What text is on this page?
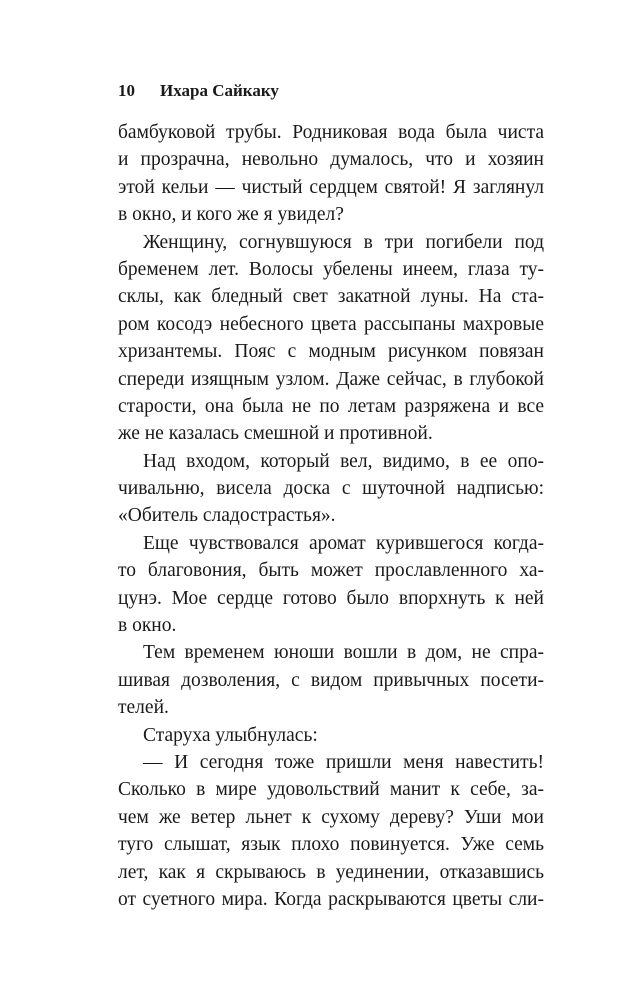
10 Ихара Сайкаку
бамбуковой трубы. Родниковая вода была чиста
и прозрачна, невольно думалось, что и хозяин
этой кельи — чистый сердцем святой! Я заглянул
в окно, и кого же я увидел?
Женщину, согнувшуюся в три погибели под
бременем лет. Волосы убелены инеем, глаза ту-
склы, как бледный свет закатной луны. На ста-
ром косодэ небесного цвета рассыпаны махровые
хризантемы. Пояс с модным рисунком повязан
спереди изящным узлом. Даже сейчас, в глубокой
старости, она была не по летам разряжена и все
же не казалась смешной и противной.
Над входом, который вел, видимо, в ее опо-
чивальню, висела доска с шуточной надписью:
«Обитель сладострастья».
Еще чувствовался аромат курившегося когда-
то благовония, быть может прославленного ха-
цунэ. Мое сердце готово было впорхнуть к ней
в окно.
Тем временем юноши вошли в дом, не спра-
шивая дозволения, с видом привычных посети-
телей.
Старуха улыбнулась:
— И сегодня тоже пришли меня навестить!
Сколько в мире удовольствий манит к себе, за-
чем же ветер льнет к сухому дереву? Уши мои
туго слышат, язык плохо повинуется. Уже семь
лет, как я скрываюсь в уединении, отказавшись
от суетного мира. Когда раскрываются цветы сли-
